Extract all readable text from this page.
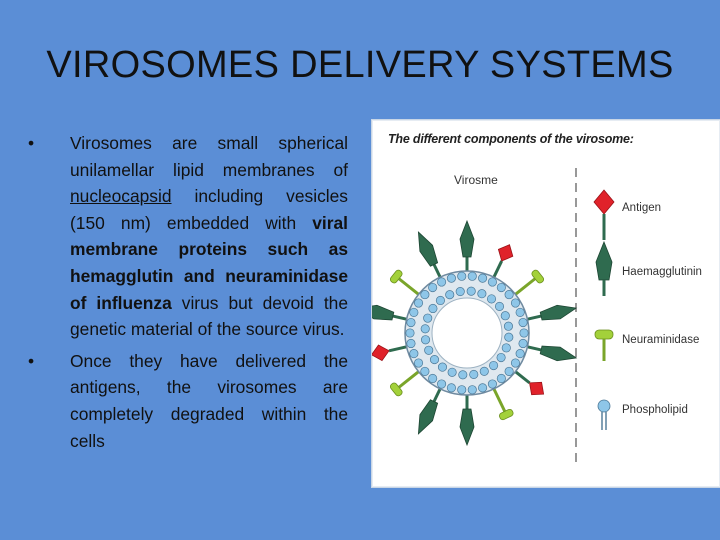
VIROSOMES DELIVERY SYSTEMS
•	Virosomes are small spherical unilamellar lipid membranes of nucleocapsid including vesicles (150 nm) embedded with viral membrane proteins such as hemagglutin and neuraminidase of influenza virus but devoid the genetic material of the source virus.
•	Once they have delivered the antigens, the virosomes are completely degraded within the cells
The different components of the virosome:
Virosme
Antigen
Haemagglutinin
Neuraminidase
Phospholipid
